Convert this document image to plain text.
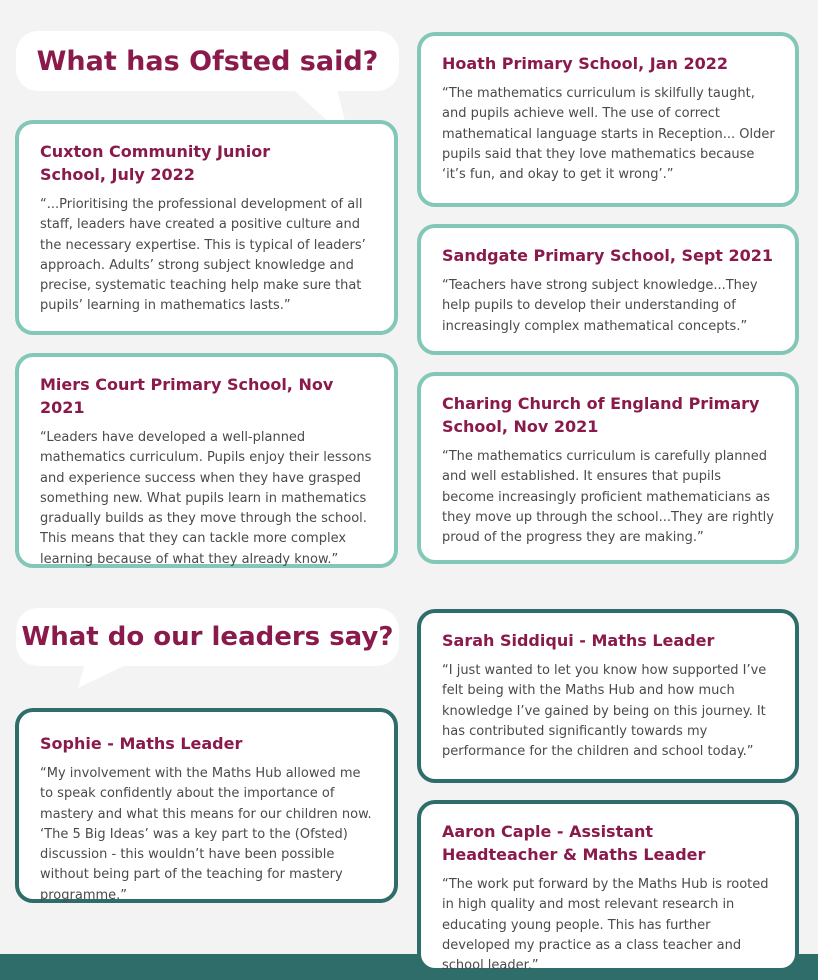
What has Ofsted said?
Cuxton Community Junior School, July 2022

“...Prioritising the professional development of all staff, leaders have created a positive culture and the necessary expertise. This is typical of leaders’ approach. Adults’ strong subject knowledge and precise, systematic teaching help make sure that pupils’ learning in mathematics lasts.”

Miers Court Primary School, Nov 2021

“Leaders have developed a well-planned mathematics curriculum. Pupils enjoy their lessons and experience success when they have grasped something new. What pupils learn in mathematics gradually builds as they move through the school. This means that they can tackle more complex learning because of what they already know.”

Hoath Primary School, Jan 2022

“The mathematics curriculum is skilfully taught, and pupils achieve well. The use of correct mathematical language starts in Reception... Older pupils said that they love mathematics because ‘it’s fun, and okay to get it wrong’.”

Sandgate Primary School, Sept 2021

“Teachers have strong subject knowledge...They help pupils to develop their understanding of increasingly complex mathematical concepts.”

Charing Church of England Primary School, Nov 2021

“The mathematics curriculum is carefully planned and well established. It ensures that pupils become increasingly proficient mathematicians as they move up through the school...They are rightly proud of the progress they are making.”

What do our leaders say?
Sophie - Maths Leader

“My involvement with the Maths Hub allowed me to speak confidently about the importance of mastery and what this means for our children now. ‘The 5 Big Ideas’ was a key part to the (Ofsted) discussion - this wouldn’t have been possible without being part of the teaching for mastery programme.”

Sarah Siddiqui - Maths Leader

“I just wanted to let you know how supported I’ve felt being with the Maths Hub and how much knowledge I’ve gained by being on this journey. It has contributed significantly towards my performance for the children and school today.”

Aaron Caple - Assistant Headteacher & Maths Leader

“The work put forward by the Maths Hub is rooted in high quality and most relevant research in educating young people. This has further developed my practice as a class teacher and school leader.”
